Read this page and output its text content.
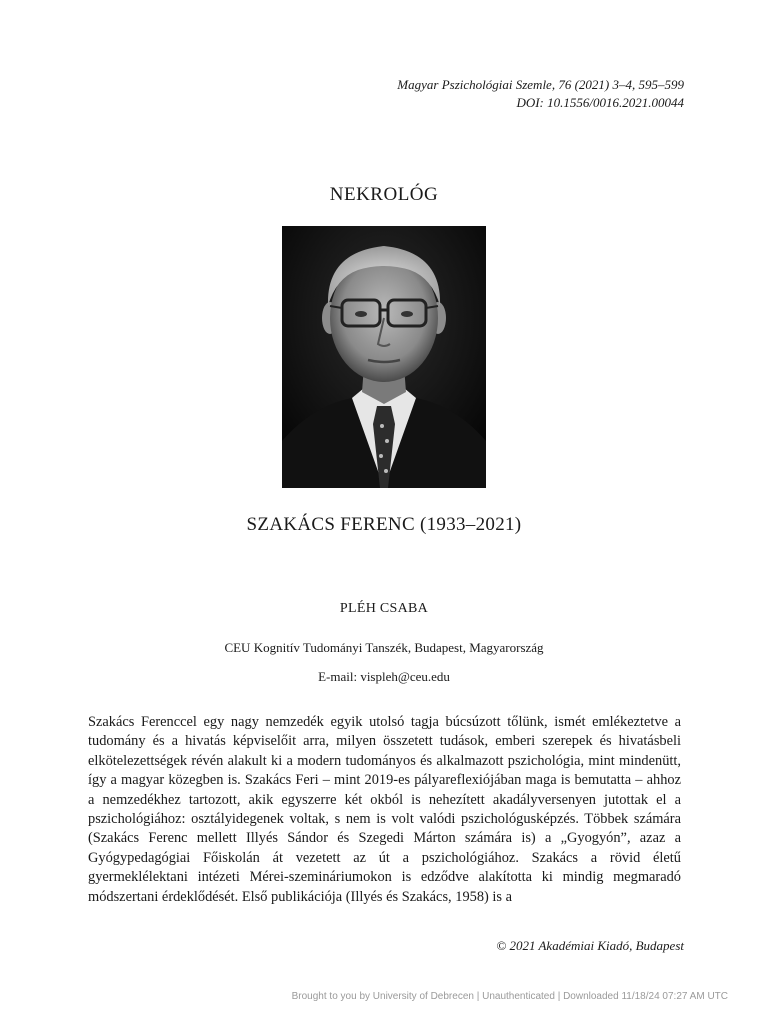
Magyar Pszichológiai Szemle, 76 (2021) 3–4, 595–599
DOI: 10.1556/0016.2021.00044
NEKROLÓG
SZAKÁCS FERENC (1933–2021)
PLÉH CSABA
CEU Kognitív Tudományi Tanszék, Budapest, Magyarország
E-mail: vispleh@ceu.edu

Szakács Ferenccel egy nagy nemzedék egyik utolsó tagja búcsúzott tőlünk, ismét emlékeztetve a tudomány és a hivatás képviselőit arra, milyen összetett tudások, emberi szerepek és hivatásbeli elkötelezettségek révén alakult ki a modern tudományos és alkalmazott pszichológia, mint mindenütt, így a magyar közegben is. Szakács Feri – mint 2019-es pályareflexiójában maga is bemutatta – ahhoz a nemzedékhez tartozott, akik egyszerre két okból is nehezített akadályversenyen jutottak el a pszichológiához: osztályidegenek voltak, s nem is volt valódi pszichológusképzés. Többek számára (Szakács Ferenc mellett Illyés Sándor és Szegedi Márton számára is) a „Gyogyón”, azaz a Gyógypedagógiai Főiskolán át vezetett az út a pszichológiához. Szakács a rövid életű gyermeklélektani intézeti Mérei-szemináriumokon is edződve alakította ki mindig megmaradó módszertani érdeklődését. Első publikációja (Illyés és Szakács, 1958) is a

© 2021 Akadémiai Kiadó, Budapest
Brought to you by University of Debrecen | Unauthenticated | Downloaded 11/18/24 07:27 AM UTC
